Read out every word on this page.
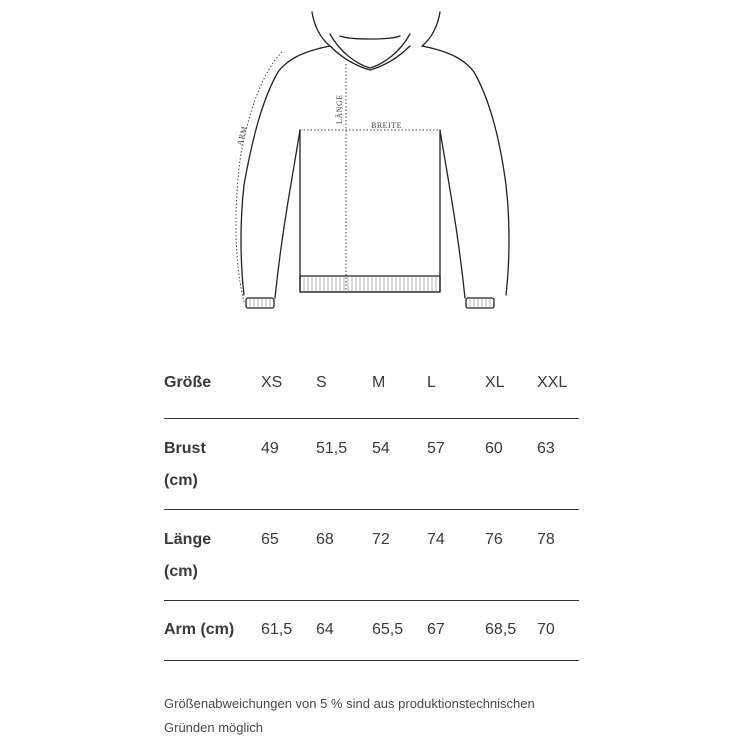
LÄNGE
BREITE
ARM
Größe	XS	S	M	L	XL	XXL
Brust
(cm)	49	51,5	54	57	60	63
Länge
(cm)	65	68	72	74	76	78
Arm (cm)	61,5	64	65,5	67	68,5	70
Größenabweichungen von 5 % sind aus produktionstechnischen
Gründen möglich
